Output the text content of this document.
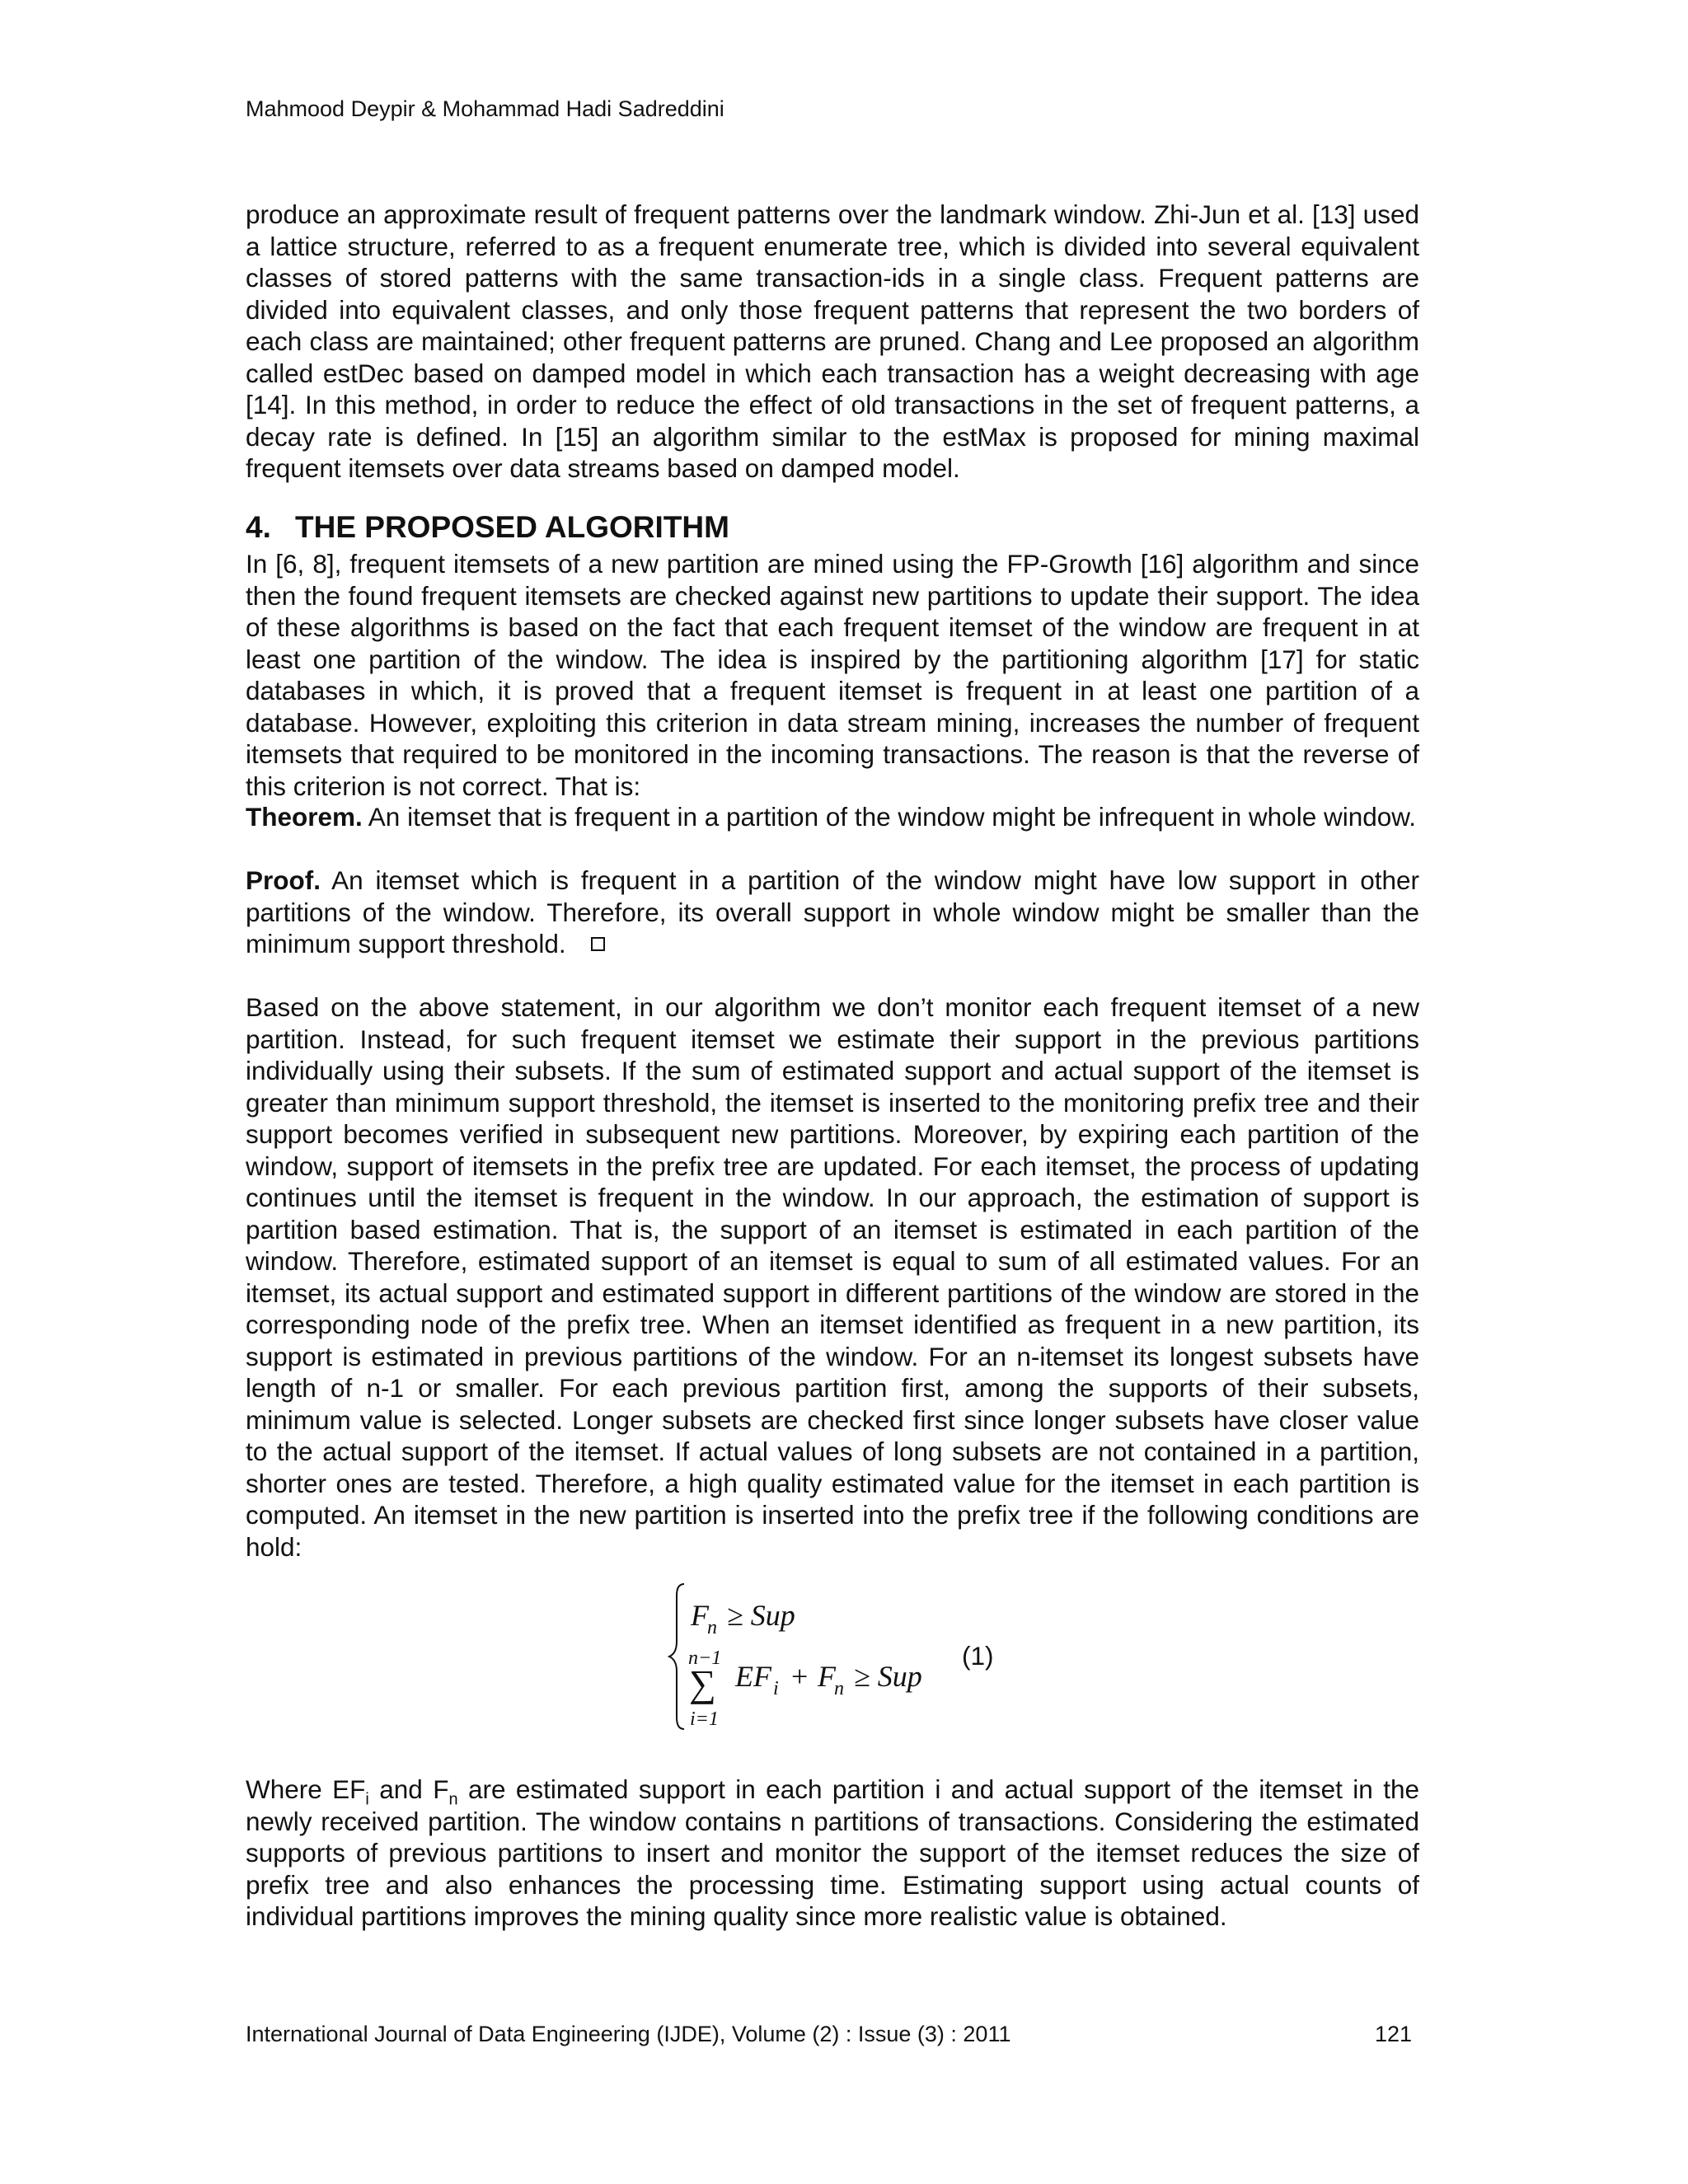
Mahmood Deypir & Mohammad Hadi Sadreddini

produce an approximate result of frequent patterns over the landmark window. Zhi-Jun et al. [13] used a lattice structure, referred to as a frequent enumerate tree, which is divided into several equivalent classes of stored patterns with the same transaction-ids in a single class. Frequent patterns are divided into equivalent classes, and only those frequent patterns that represent the two borders of each class are maintained; other frequent patterns are pruned. Chang and Lee proposed an algorithm called estDec based on damped model in which each transaction has a weight decreasing with age [14]. In this method, in order to reduce the effect of old transactions in the set of frequent patterns, a decay rate is defined. In [15] an algorithm similar to the estMax is proposed for mining maximal frequent itemsets over data streams based on damped model.

4. THE PROPOSED ALGORITHM

In [6, 8], frequent itemsets of a new partition are mined using the FP-Growth [16] algorithm and since then the found frequent itemsets are checked against new partitions to update their support. The idea of these algorithms is based on the fact that each frequent itemset of the window are frequent in at least one partition of the window. The idea is inspired by the partitioning algorithm [17] for static databases in which, it is proved that a frequent itemset is frequent in at least one partition of a database. However, exploiting this criterion in data stream mining, increases the number of frequent itemsets that required to be monitored in the incoming transactions. The reason is that the reverse of this criterion is not correct. That is:

Theorem. An itemset that is frequent in a partition of the window might be infrequent in whole window.

Proof. An itemset which is frequent in a partition of the window might have low support in other partitions of the window. Therefore, its overall support in whole window might be smaller than the minimum support threshold.

Based on the above statement, in our algorithm we don’t monitor each frequent itemset of a new partition. Instead, for such frequent itemset we estimate their support in the previous partitions individually using their subsets. If the sum of estimated support and actual support of the itemset is greater than minimum support threshold, the itemset is inserted to the monitoring prefix tree and their support becomes verified in subsequent new partitions. Moreover, by expiring each partition of the window, support of itemsets in the prefix tree are updated. For each itemset, the process of updating continues until the itemset is frequent in the window. In our approach, the estimation of support is partition based estimation. That is, the support of an itemset is estimated in each partition of the window. Therefore, estimated support of an itemset is equal to sum of all estimated values. For an itemset, its actual support and estimated support in different partitions of the window are stored in the corresponding node of the prefix tree. When an itemset identified as frequent in a new partition, its support is estimated in previous partitions of the window. For an n-itemset its longest subsets have length of n-1 or smaller. For each previous partition first, among the supports of their subsets, minimum value is selected. Longer subsets are checked first since longer subsets have closer value to the actual support of the itemset. If actual values of long subsets are not contained in a partition, shorter ones are tested. Therefore, a high quality estimated value for the itemset in each partition is computed. An itemset in the new partition is inserted into the prefix tree if the following conditions are hold:

F
n ≥ Sup
n−1
∑
i=1
EF i + F
n ≥ Sup
(1)

Where $EF_i$ and $F_n$ are estimated support in each partition i and actual support of the itemset in the newly received partition. The window contains n partitions of transactions. Considering the estimated supports of previous partitions to insert and monitor the support of the itemset reduces the size of prefix tree and also enhances the processing time. Estimating support using actual counts of individual partitions improves the mining quality since more realistic value is obtained.

International Journal of Data Engineering (IJDE), Volume (2) : Issue (3) : 2011	121
